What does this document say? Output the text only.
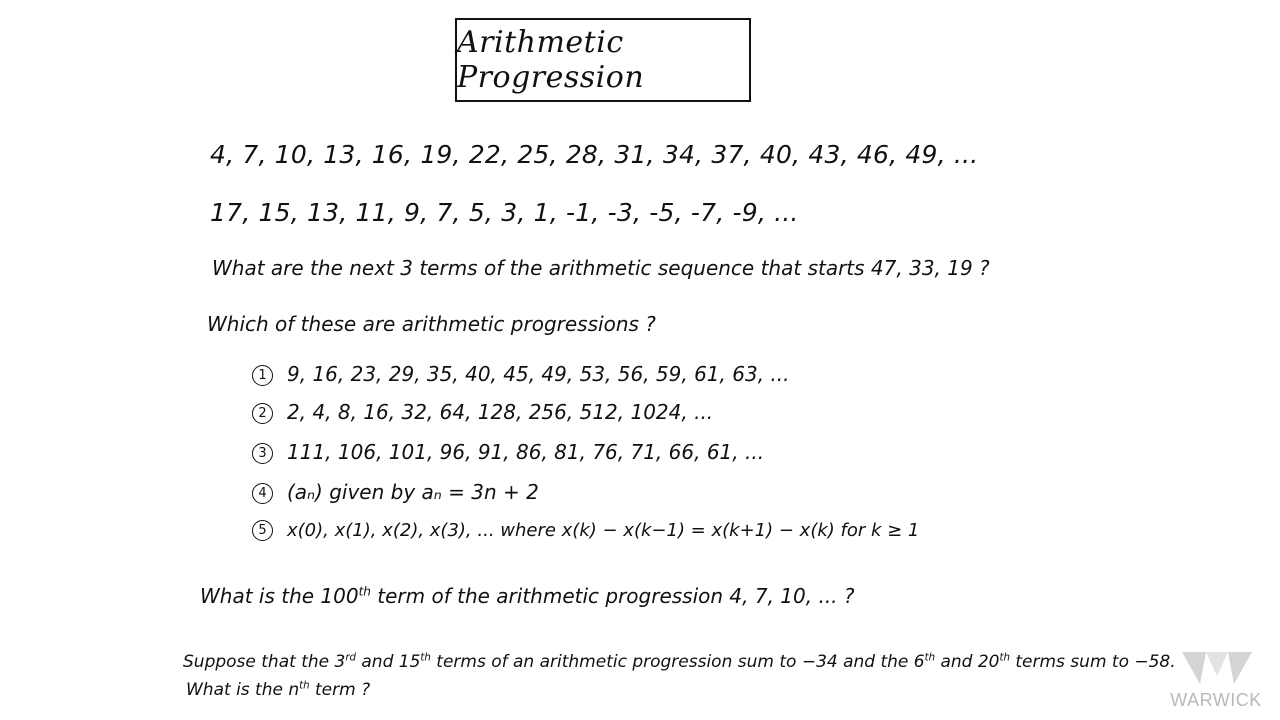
Arithmetic Progression
4, 7, 10, 13, 16, 19, 22, 25, 28, 31, 34, 37, 40, 43, 46, 49, ...
17, 15, 13, 11, 9, 7, 5, 3, 1, -1, -3, -5, -7, -9, ...
What are the next 3 terms of the arithmetic sequence that starts 47, 33, 19 ?
Which of these are arithmetic progressions ?
1 9, 16, 23, 29, 35, 40, 45, 49, 53, 56, 59, 61, 63, ...
2 2, 4, 8, 16, 32, 64, 128, 256, 512, 1024, ...
3 111, 106, 101, 96, 91, 86, 81, 76, 71, 66, 61, ...
4 (aₙ) given by aₙ = 3n + 2
5 x(0), x(1), x(2), x(3), ... where x(k) − x(k−1) = x(k+1) − x(k) for k ≥ 1
What is the 100th term of the arithmetic progression 4, 7, 10, ... ?
Suppose that the 3rd and 15th terms of an arithmetic progression sum to −34 and the 6th and 20th terms sum to −58.
What is the $n^{th}$ term ?	WARWICK
